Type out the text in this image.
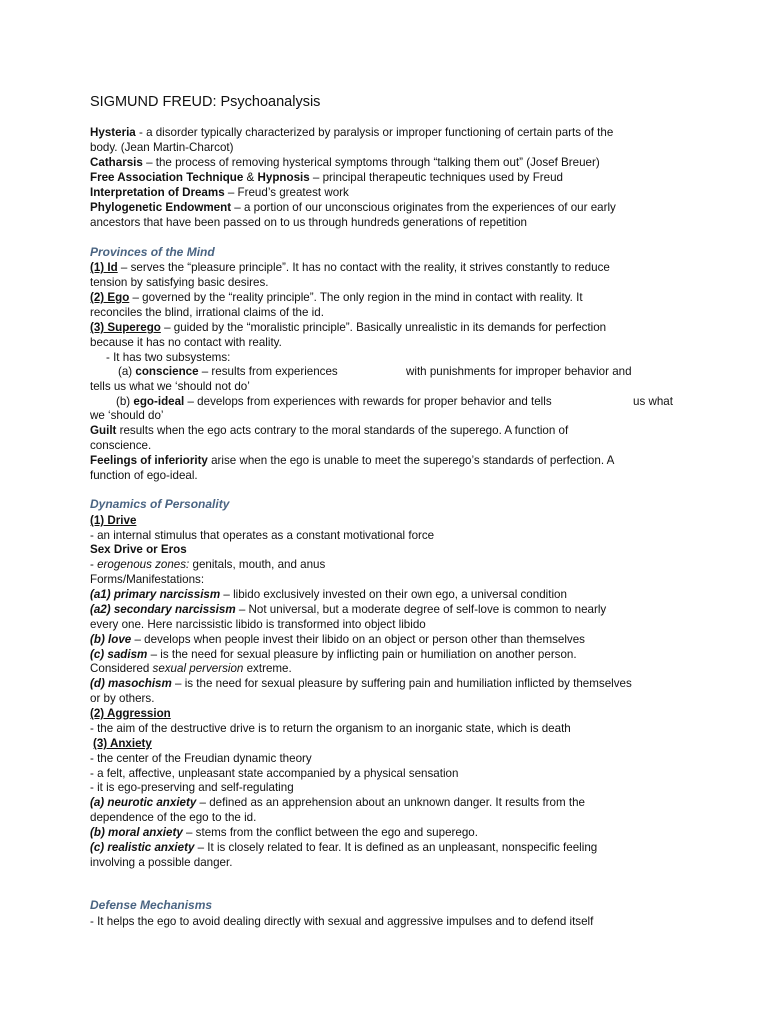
SIGMUND FREUD: Psychoanalysis
Hysteria - a disorder typically characterized by paralysis or improper functioning of certain parts of the
body. (Jean Martin-Charcot)
Catharsis – the process of removing hysterical symptoms through “talking them out” (Josef Breuer)
Free Association Technique & Hypnosis – principal therapeutic techniques used by Freud
Interpretation of Dreams – Freud’s greatest work
Phylogenetic Endowment – a portion of our unconscious originates from the experiences of our early
ancestors that have been passed on to us through hundreds generations of repetition
Provinces of the Mind
(1) Id – serves the “pleasure principle”. It has no contact with the reality, it strives constantly to reduce
tension by satisfying basic desires.
(2) Ego – governed by the “reality principle”. The only region in the mind in contact with reality. It
reconciles the blind, irrational claims of the id.
(3) Superego – guided by the “moralistic principle”. Basically unrealistic in its demands for perfection
because it has no contact with reality.
- It has two subsystems:
(a) conscience – results from experiences	with punishments for improper behavior and
tells us what we ‘should not do’
(b) ego-ideal – develops from experiences with rewards for proper behavior and tells	us what
we ‘should do’
Guilt results when the ego acts contrary to the moral standards of the superego. A function of
conscience.
Feelings of inferiority arise when the ego is unable to meet the superego’s standards of perfection. A
function of ego-ideal.
Dynamics of Personality
(1) Drive
- an internal stimulus that operates as a constant motivational force
Sex Drive or Eros
- erogenous zones: genitals, mouth, and anus
Forms/Manifestations:
(a1) primary narcissism – libido exclusively invested on their own ego, a universal condition
(a2) secondary narcissism – Not universal, but a moderate degree of self-love is common to nearly
every one. Here narcissistic libido is transformed into object libido
(b) love – develops when people invest their libido on an object or person other than themselves
(c) sadism – is the need for sexual pleasure by inflicting pain or humiliation on another person.
Considered sexual perversion extreme.
(d) masochism – is the need for sexual pleasure by suffering pain and humiliation inflicted by themselves
or by others.
(2) Aggression
- the aim of the destructive drive is to return the organism to an inorganic state, which is death
(3) Anxiety
- the center of the Freudian dynamic theory
- a felt, affective, unpleasant state accompanied by a physical sensation
- it is ego-preserving and self-regulating
(a) neurotic anxiety – defined as an apprehension about an unknown danger. It results from the
dependence of the ego to the id.
(b) moral anxiety – stems from the conflict between the ego and superego.
(c) realistic anxiety – It is closely related to fear. It is defined as an unpleasant, nonspecific feeling
involving a possible danger.
Defense Mechanisms
- It helps the ego to avoid dealing directly with sexual and aggressive impulses and to defend itself
